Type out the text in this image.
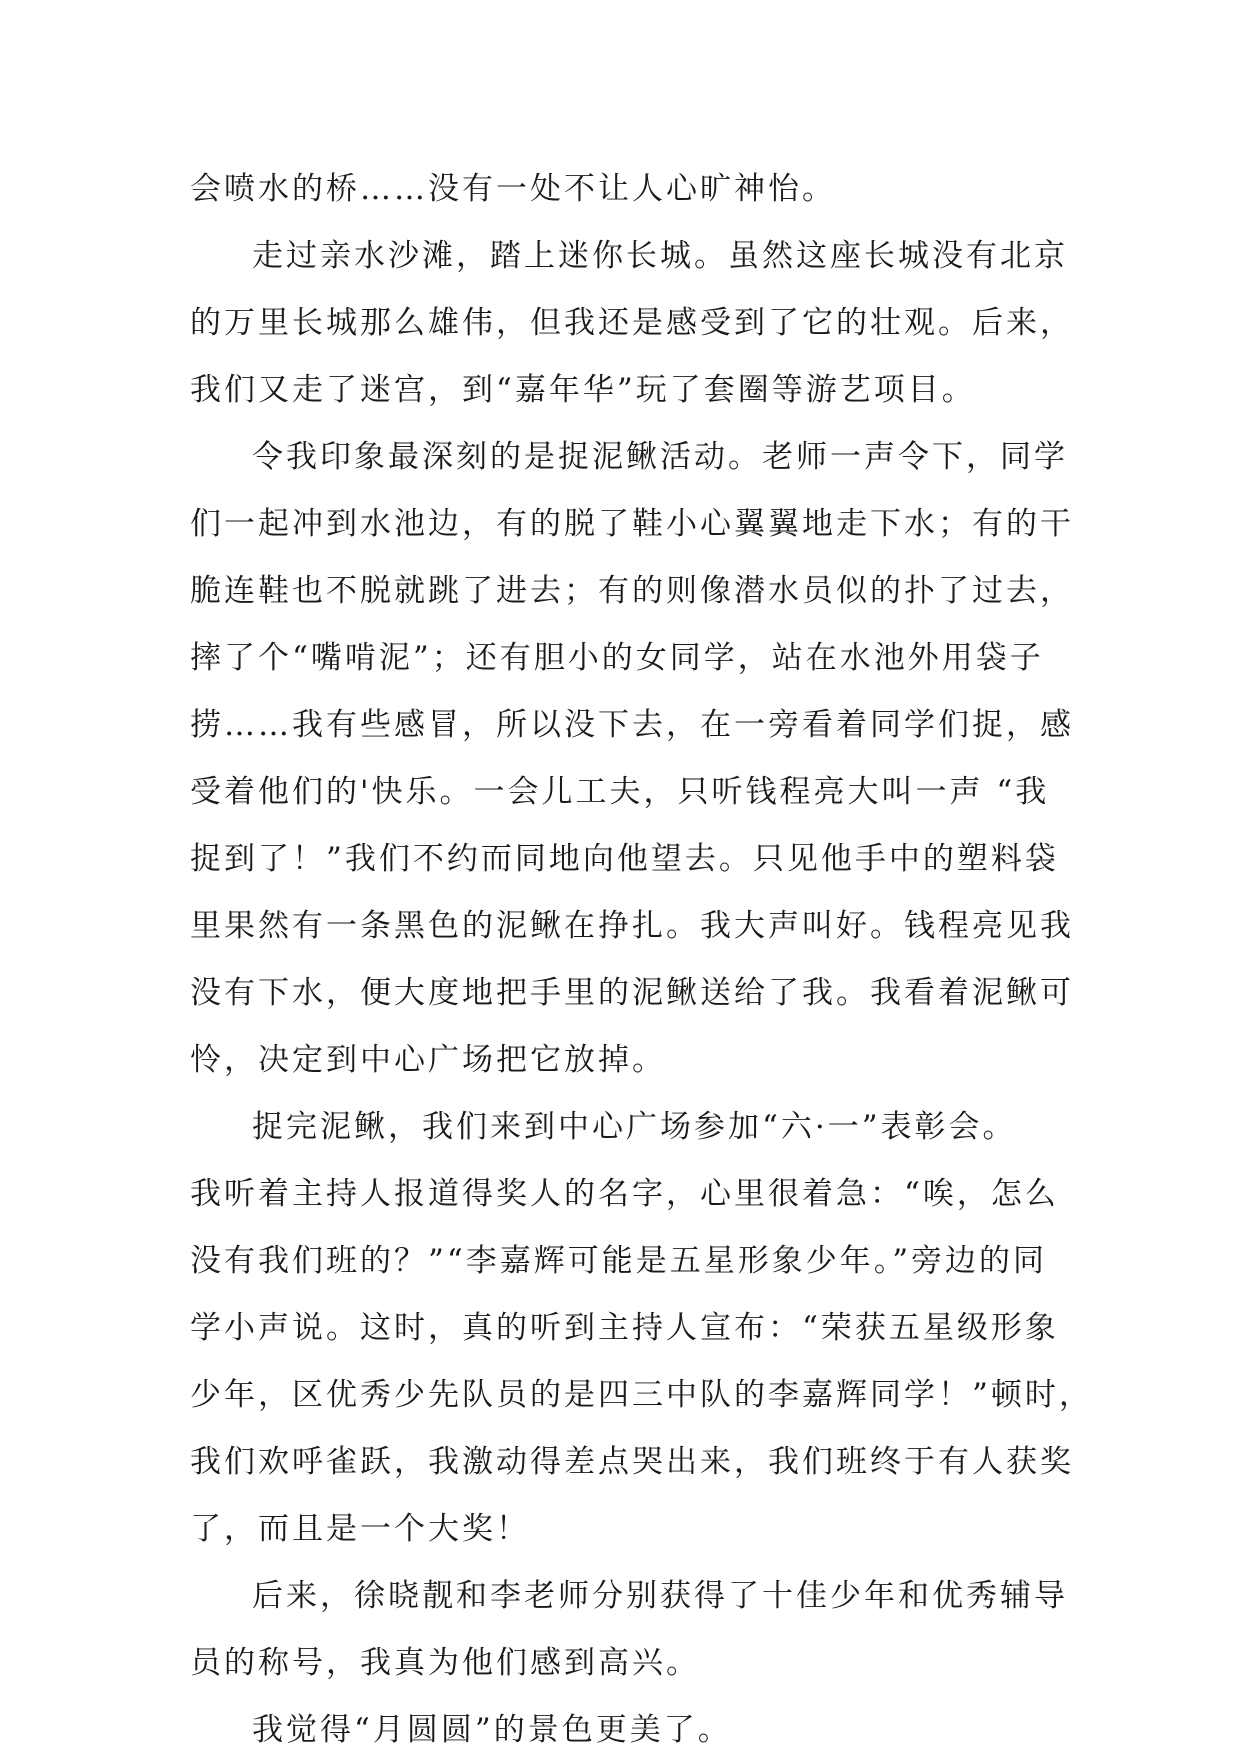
会喷水的桥……没有一处不让人心旷神怡。
走过亲水沙滩，踏上迷你长城。虽然这座长城没有北京
的万里长城那么雄伟，但我还是感受到了它的壮观。后来，
我们又走了迷宫，到“嘉年华”玩了套圈等游艺项目。
令我印象最深刻的是捉泥鳅活动。老师一声令下，同学
们一起冲到水池边，有的脱了鞋小心翼翼地走下水；有的干
脆连鞋也不脱就跳了进去；有的则像潜水员似的扑了过去，
摔了个“嘴啃泥”；还有胆小的女同学，站在水池外用袋子
捞……我有些感冒，所以没下去，在一旁看着同学们捉，感
受着他们的'快乐。一会儿工夫，只听钱程亮大叫一声 “我
捉到了！”我们不约而同地向他望去。只见他手中的塑料袋
里果然有一条黑色的泥鳅在挣扎。我大声叫好。钱程亮见我
没有下水，便大度地把手里的泥鳅送给了我。我看着泥鳅可
怜，决定到中心广场把它放掉。
捉完泥鳅，我们来到中心广场参加“六·一”表彰会。
我听着主持人报道得奖人的名字，心里很着急：“唉，怎么
没有我们班的？”“李嘉辉可能是五星形象少年。”旁边的同
学小声说。这时，真的听到主持人宣布：“荣获五星级形象
少年，区优秀少先队员的是四三中队的李嘉辉同学！”顿时，
我们欢呼雀跃，我激动得差点哭出来，我们班终于有人获奖
了，而且是一个大奖！
后来，徐晓靓和李老师分别获得了十佳少年和优秀辅导
员的称号，我真为他们感到高兴。
我觉得“月圆圆”的景色更美了。
